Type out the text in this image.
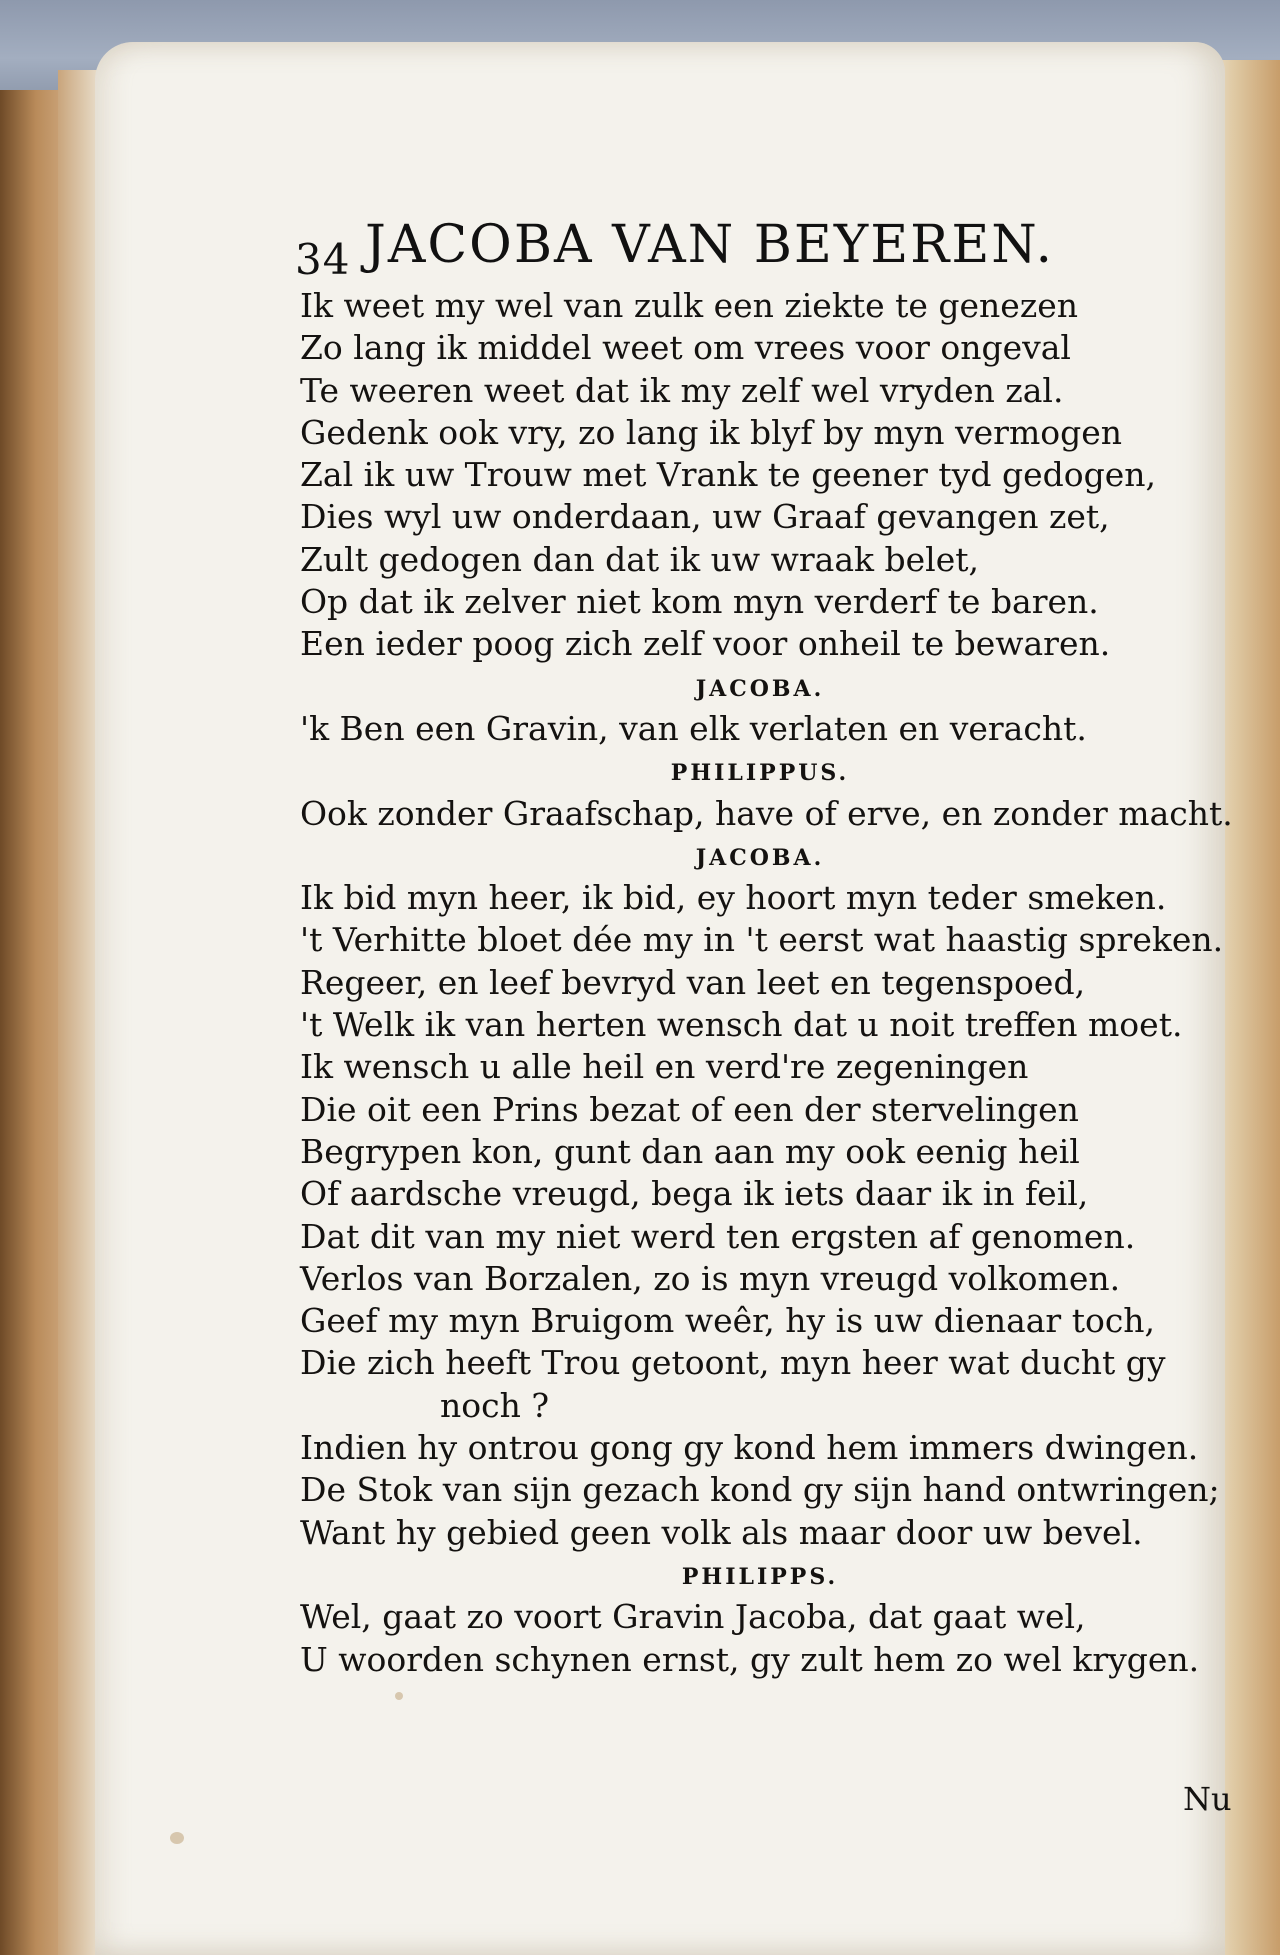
34 JACOBA VAN BEYEREN.
Ik weet my wel van zulk een ziekte te genezen
Zo lang ik middel weet om vrees voor ongeval
Te weeren weet dat ik my zelf wel vryden zal.
Gedenk ook vry, zo lang ik blyf by myn vermogen
Zal ik uw Trouw met Vrank te geener tyd gedogen,
Dies wyl uw onderdaan, uw Graaf gevangen zet,
Zult gedogen dan dat ik uw wraak belet,
Op dat ik zelver niet kom myn verderf te baren.
Een ieder poog zich zelf voor onheil te bewaren.
JACOBA.
'k Ben een Gravin, van elk verlaten en veracht.
PHILIPPUS.
Ook zonder Graafschap, have of erve, en zonder macht.
JACOBA.
Ik bid myn heer, ik bid, ey hoort myn teder smeken.
't Verhitte bloet dée my in 't eerst wat haastig spreken.
Regeer, en leef bevryd van leet en tegenspoed,
't Welk ik van herten wensch dat u noit treffen moet.
Ik wensch u alle heil en verd're zegeningen
Die oit een Prins bezat of een der stervelingen
Begrypen kon, gunt dan aan my ook eenig heil
Of aardsche vreugd, bega ik iets daar ik in feil,
Dat dit van my niet werd ten ergsten af genomen.
Verlos van Borzalen, zo is myn vreugd volkomen.
Geef my myn Bruigom weêr, hy is uw dienaar toch,
Die zich heeft Trou getoont, myn heer wat ducht gy
noch ?
Indien hy ontrou gong gy kond hem immers dwingen.
De Stok van sijn gezach kond gy sijn hand ontwringen;
Want hy gebied geen volk als maar door uw bevel.
PHILIPPS.
Wel, gaat zo voort Gravin Jacoba, dat gaat wel,
U woorden schynen ernst, gy zult hem zo wel krygen.
Nu
